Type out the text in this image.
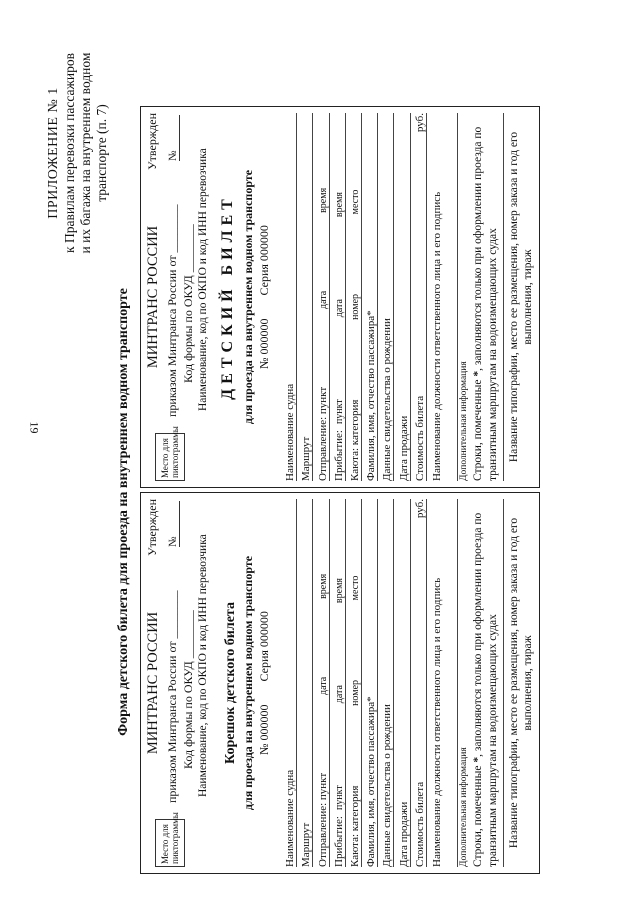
19
ПРИЛОЖЕНИЕ № 1 к Правилам перевозки пассажиров и их багажа на внутреннем водном транспорте (п. 7)
Форма детского билета для проезда на внутреннем водном транспорте
Место для пиктограммы
МИНТРАНС РОССИИ
Утвержден №
приказом Минтранса России от ________
Код формы по ОКУД ________ Наименование, код по ОКПО и код ИНН перевозчика Корешок детского билета для проезда на внутреннем водном транспорте № 000000 Серия 000000
Наименование судна Маршрут Отправление: пункт
дата
время
Прибытие:
пункт
дата
время
Каюта: категория
номер
место
Фамилия, имя, отчество пассажира* Данные свидетельства о рождении Дата продажи Стоимость билета
руб.
Наименование должности ответственного лица и его подпись Дополнительная информация Строки, помеченные *, заполняются только при оформлении проезда по транзитным маршрутам на водоизмещающих судах Название типографии, место ее размещения, номер заказа и год его выполнения, тираж
Место для пиктограммы
МИНТРАНС РОССИИ
Утвержден №
приказом Минтранса России от ________
Код формы по ОКУД ________ Наименование, код по ОКПО и код ИНН перевозчика ДЕТСКИЙ БИЛЕТ для проезда на внутреннем водном транспорте № 000000 Серия 000000
Наименование судна Маршрут Отправление: пункт
дата
время
Прибытие:
пункт
дата
время
Каюта: категория
номер
место
Фамилия, имя, отчество пассажира* Данные свидетельства о рождении Дата продажи Стоимость билета
руб.
Наименование должности ответственного лица и его подпись Дополнительная информация Строки, помеченные *, заполняются только при оформлении проезда по транзитным маршрутам на водоизмещающих судах Название типографии, место ее размещения, номер заказа и год его выполнения, тираж
